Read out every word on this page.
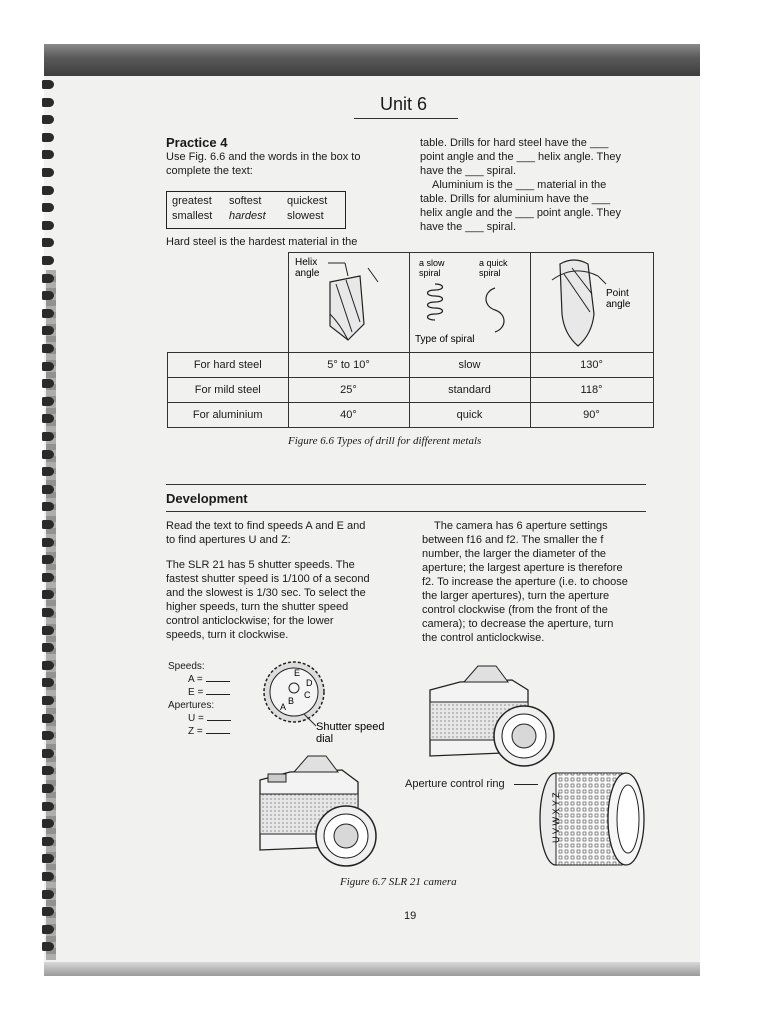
Unit 6
Practice 4

Use Fig. 6.6 and the words in the box to

complete the text:

greatest softest quickest
smallest hardest slowest

Hard steel is the hardest material in the

table. Drills for hard steel have the ___

point angle and the ___ helix angle. They

have the ___ spiral.

Aluminium is the ___ material in the

table. Drills for aluminium have the ___

helix angle and the ___ point angle. They

have the ___ spiral.

Helix
angle	a slow
spiral
a quick
spiral
Type of spiral	Point
angle

For hard steel	5° to 10°	slow	130°
For mild steel	25°	standard	118°
For aluminium	40°	quick	90°
Figure 6.6 Types of drill for different metals
Development

Read the text to find speeds A and E and

to find apertures U and Z:

The SLR 21 has 5 shutter speeds. The

fastest shutter speed is 1/100 of a second

and the slowest is 1/30 sec. To select the

higher speeds, turn the shutter speed

control anticlockwise; for the lower

speeds, turn it clockwise.

The camera has 6 aperture settings

between f16 and f2. The smaller the f

number, the larger the diameter of the

aperture; the largest aperture is therefore

f2. To increase the aperture (i.e. to choose

the larger apertures), turn the aperture

control clockwise (from the front of the

camera); to decrease the aperture, turn

the control anticlockwise.

Speeds:
A =
E =
Apertures:
U =
Z =
A
B
C
D
E
Shutter speed
dial
Aperture control ring
U V W X Y Z
Figure 6.7 SLR 21 camera
19
